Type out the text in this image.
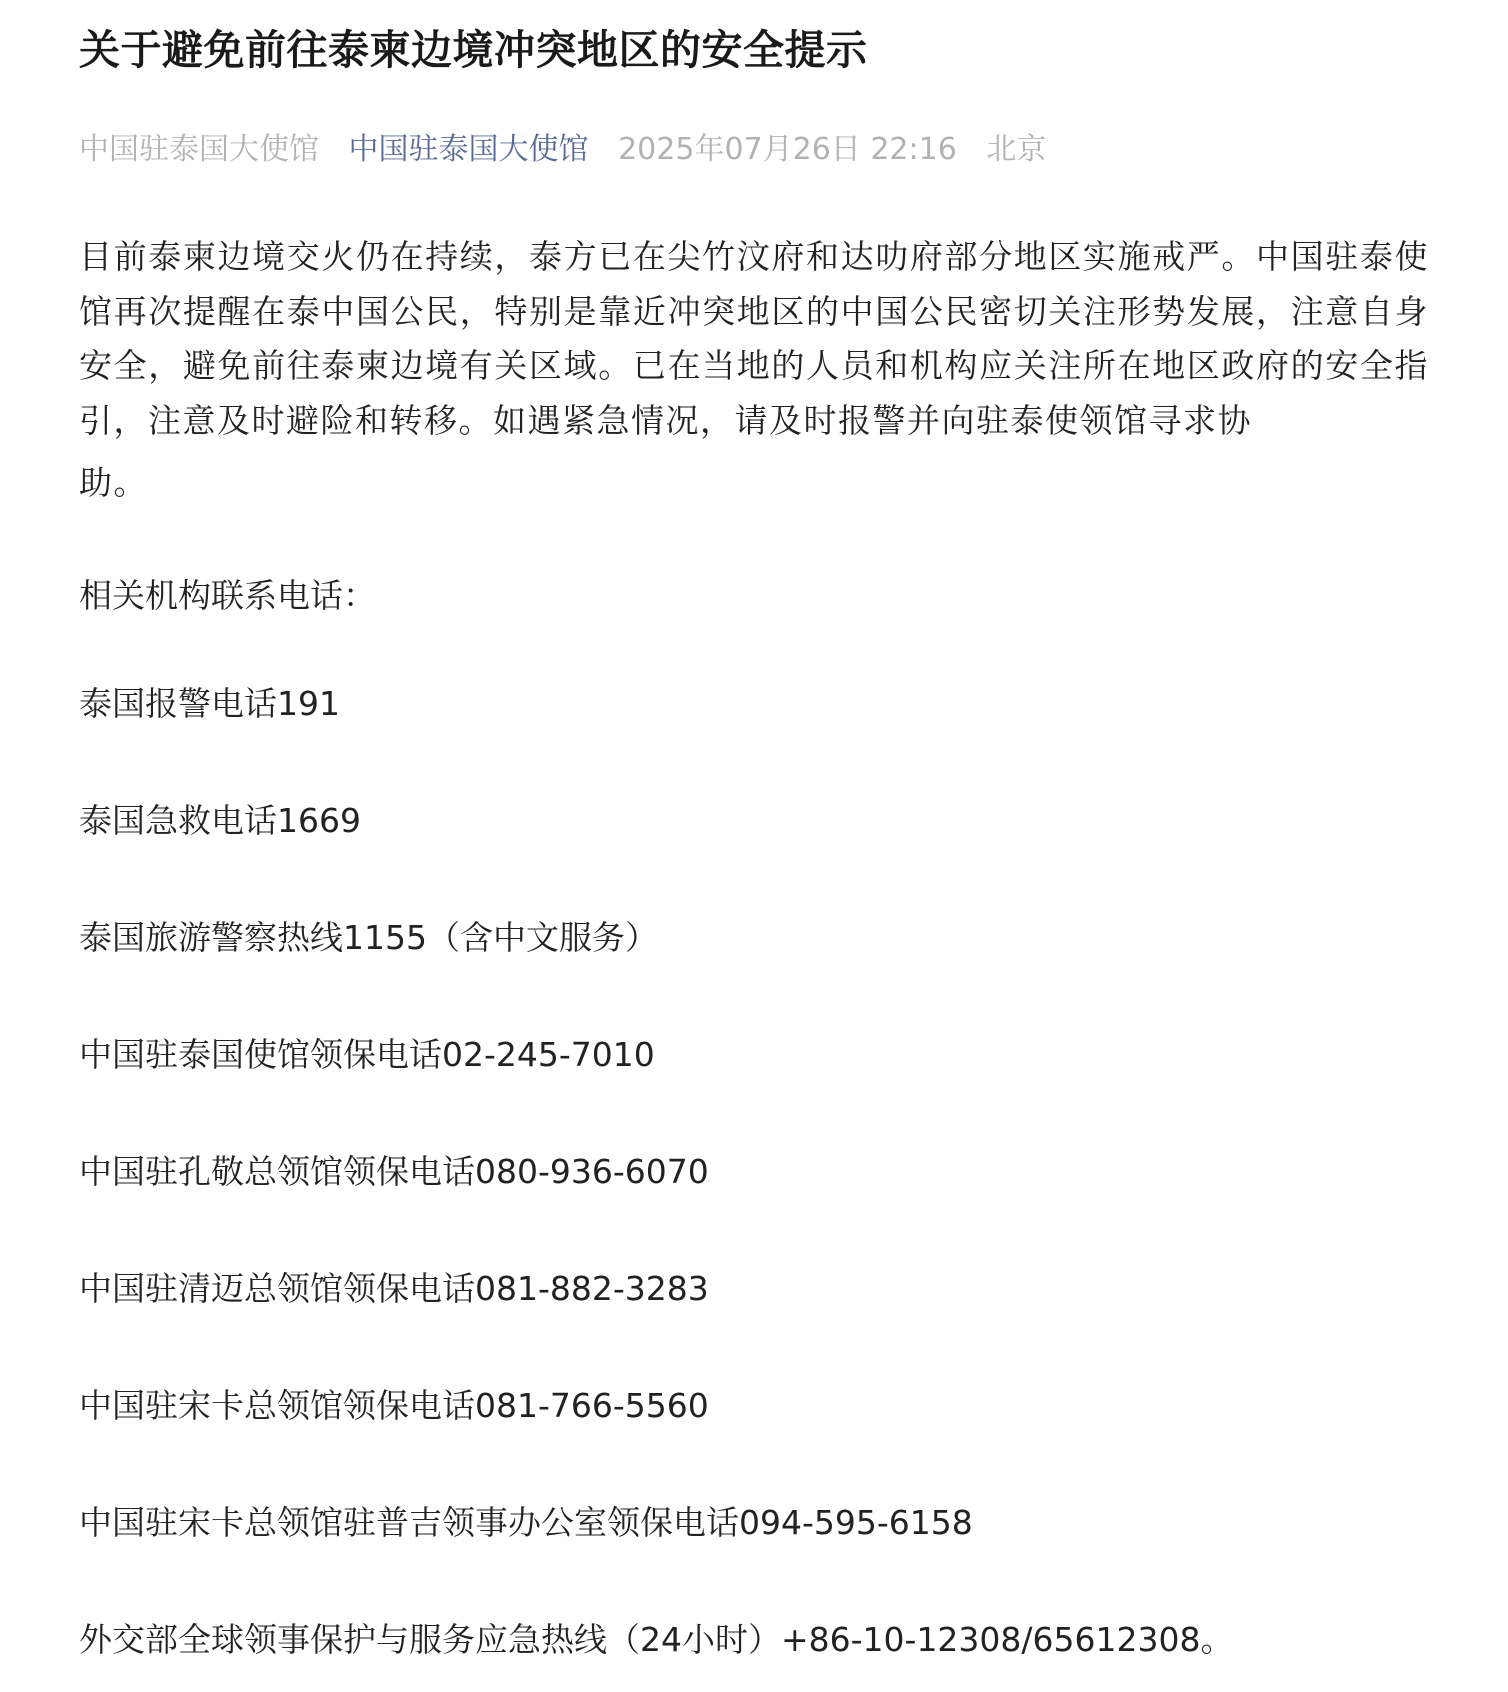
关于避免前往泰柬边境冲突地区的安全提示
中国驻泰国大使馆 中国驻泰国大使馆 2025年07月26日 22:16 北京

目前泰柬边境交火仍在持续，泰方已在尖竹汶府和达叻府部分地区实施戒严。中国驻泰使馆再次提醒在泰中国公民，特别是靠近冲突地区的中国公民密切关注形势发展，注意自身安全，避免前往泰柬边境有关区域。已在当地的人员和机构应关注所在地区政府的安全指引，注意及时避险和转移。如遇紧急情况，请及时报警并向驻泰使领馆寻求协
助。

相关机构联系电话：

泰国报警电话191
泰国急救电话1669
泰国旅游警察热线1155（含中文服务）
中国驻泰国使馆领保电话02-245-7010
中国驻孔敬总领馆领保电话080-936-6070
中国驻清迈总领馆领保电话081-882-3283
中国驻宋卡总领馆领保电话081-766-5560
中国驻宋卡总领馆驻普吉领事办公室领保电话094-595-6158
外交部全球领事保护与服务应急热线（24小时）+86-10-12308/65612308。
